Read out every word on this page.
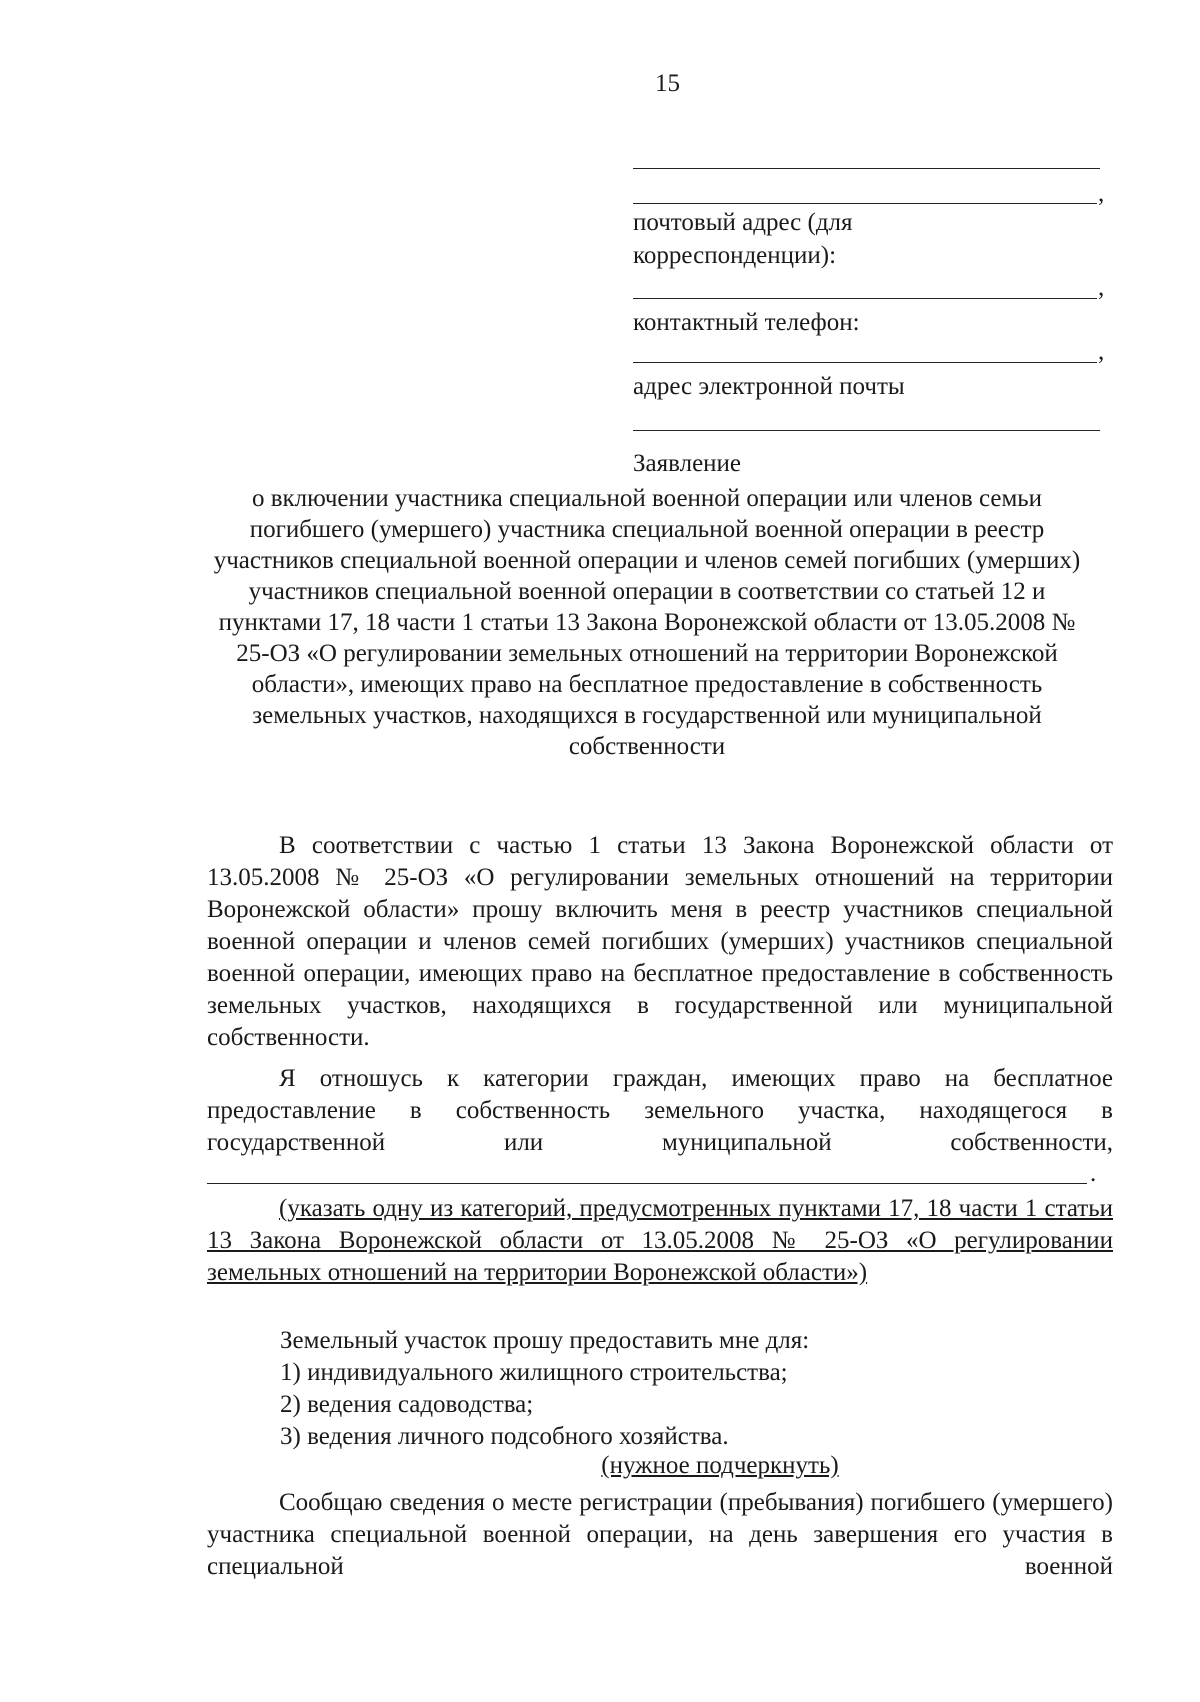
15
,
почтовый адрес (для корреспонденции):
,
контактный телефон:
,
адрес электронной почты
Заявление

о включении участника специальной военной операции или членов семьи погибшего (умершего) участника специальной военной операции в реестр участников специальной военной операции и членов семей погибших (умерших) участников специальной военной операции в соответствии со статьей 12 и пунктами 17, 18 части 1 статьи 13 Закона Воронежской области от 13.05.2008 № 25-ОЗ «О регулировании земельных отношений на территории Воронежской области», имеющих право на бесплатное предоставление в собственность земельных участков, находящихся в государственной или муниципальной собственности

В соответствии с частью 1 статьи 13 Закона Воронежской области от 13.05.2008 № 25-ОЗ «О регулировании земельных отношений на территории Воронежской области» прошу включить меня в реестр участников специальной военной операции и членов семей погибших (умерших) участников специальной военной операции, имеющих право на бесплатное предоставление в собственность земельных участков, находящихся в государственной или муниципальной собственности.

Я отношусь к категории граждан, имеющих право на бесплатное предоставление в собственность земельного участка, находящегося в государственной или муниципальной собственности,

.

(указать одну из категорий, предусмотренных пунктами 17, 18 части 1 статьи 13 Закона Воронежской области от 13.05.2008 № 25-ОЗ «О регулировании земельных отношений на территории Воронежской области»)

Земельный участок прошу предоставить мне для:
1) индивидуального жилищного строительства;
2) ведения садоводства;
3) ведения личного подсобного хозяйства.
(нужное подчеркнуть)

Сообщаю сведения о месте регистрации (пребывания) погибшего (умершего) участника специальной военной операции, на день завершения его участия в специальной военной
